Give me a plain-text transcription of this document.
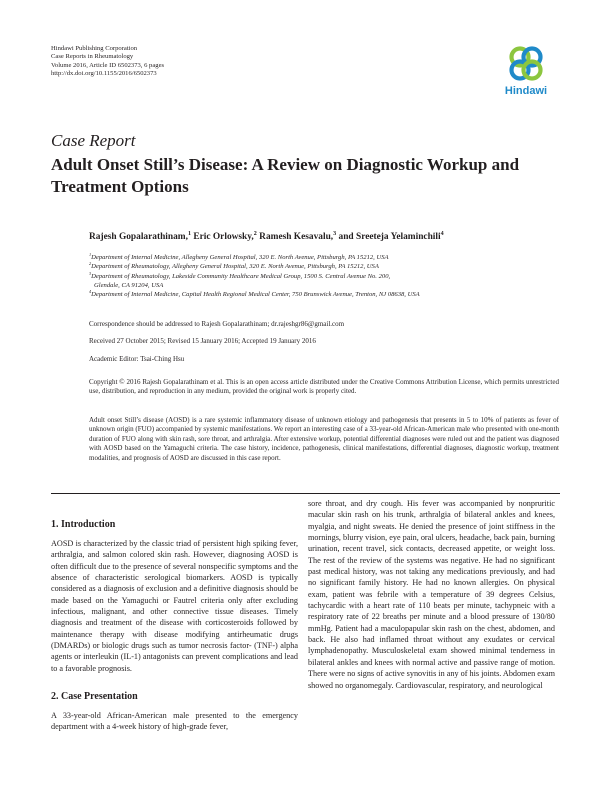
Hindawi Publishing Corporation
Case Reports in Rheumatology
Volume 2016, Article ID 6502373, 6 pages
http://dx.doi.org/10.1155/2016/6502373
Hindawi
Case Report
Adult Onset Still’s Disease: A Review on Diagnostic Workup and Treatment Options
Rajesh Gopalarathinam,$^1$ Eric Orlowsky,$^2$ Ramesh Kesavalu,$^3$ and Sreeteja Yelaminchili$^4$
$^1$Department of Internal Medicine, Allegheny General Hospital, 320 E. North Avenue, Pittsburgh, PA 15212, USA
$^2$Department of Rheumatology, Allegheny General Hospital, 320 E. North Avenue, Pittsburgh, PA 15212, USA
$^3$Department of Rheumatology, Lakeside Community Healthcare Medical Group, 1500 S. Central Avenue No. 200,
Glendale, CA 91204, USA
$^4$Department of Internal Medicine, Capital Health Regional Medical Center, 750 Brunswick Avenue, Trenton, NJ 08638, USA
Correspondence should be addressed to Rajesh Gopalarathinam; dr.rajeshgr86@gmail.com
Received 27 October 2015; Revised 15 January 2016; Accepted 19 January 2016
Academic Editor: Tsai-Ching Hsu
Copyright © 2016 Rajesh Gopalarathinam et al. This is an open access article distributed under the Creative Commons Attribution License, which permits unrestricted use, distribution, and reproduction in any medium, provided the original work is properly cited.
Adult onset Still’s disease (AOSD) is a rare systemic inflammatory disease of unknown etiology and pathogenesis that presents in 5 to 10% of patients as fever of unknown origin (FUO) accompanied by systemic manifestations. We report an interesting case of a 33-year-old African-American male who presented with one-month duration of FUO along with skin rash, sore throat, and arthralgia. After extensive workup, potential differential diagnoses were ruled out and the patient was diagnosed with AOSD based on the Yamaguchi criteria. The case history, incidence, pathogenesis, clinical manifestations, differential diagnoses, diagnostic workup, treatment modalities, and prognosis of AOSD are discussed in this case report.

1. Introduction

AOSD is characterized by the classic triad of persistent high spiking fever, arthralgia, and salmon colored skin rash. However, diagnosing AOSD is often difficult due to the presence of several nonspecific symptoms and the absence of characteristic serological biomarkers. AOSD is typically considered as a diagnosis of exclusion and a definitive diagnosis should be made based on the Yamaguchi or Fautrel criteria only after excluding infectious, malignant, and other connective tissue diseases. Timely diagnosis and treatment of the disease with corticosteroids followed by maintenance therapy with disease modifying antirheumatic drugs (DMARDs) or biologic drugs such as tumor necrosis factor- (TNF-) alpha agents or interleukin (IL-1) antagonists can prevent complications and lead to a favorable prognosis.

2. Case Presentation

A 33-year-old African-American male presented to the emergency department with a 4-week history of high-grade fever,

sore throat, and dry cough. His fever was accompanied by nonpruritic macular skin rash on his trunk, arthralgia of bilateral ankles and knees, myalgia, and night sweats. He denied the presence of joint stiffness in the mornings, blurry vision, eye pain, oral ulcers, headache, back pain, burning urination, recent travel, sick contacts, decreased appetite, or weight loss. The rest of the review of the systems was negative. He had no significant past medical history, was not taking any medications previously, and had no significant family history. He had no known allergies. On physical exam, patient was febrile with a temperature of 39 degrees Celsius, tachycardic with a heart rate of 110 beats per minute, tachypneic with a respiratory rate of 22 breaths per minute and a blood pressure of 130/80 mmHg. Patient had a maculopapular skin rash on the chest, abdomen, and back. He also had inflamed throat without any exudates or cervical lymphadenopathy. Musculoskeletal exam showed minimal tenderness in bilateral ankles and knees with normal active and passive range of motion. There were no signs of active synovitis in any of his joints. Abdomen exam showed no organomegaly. Cardiovascular, respiratory, and neurological
